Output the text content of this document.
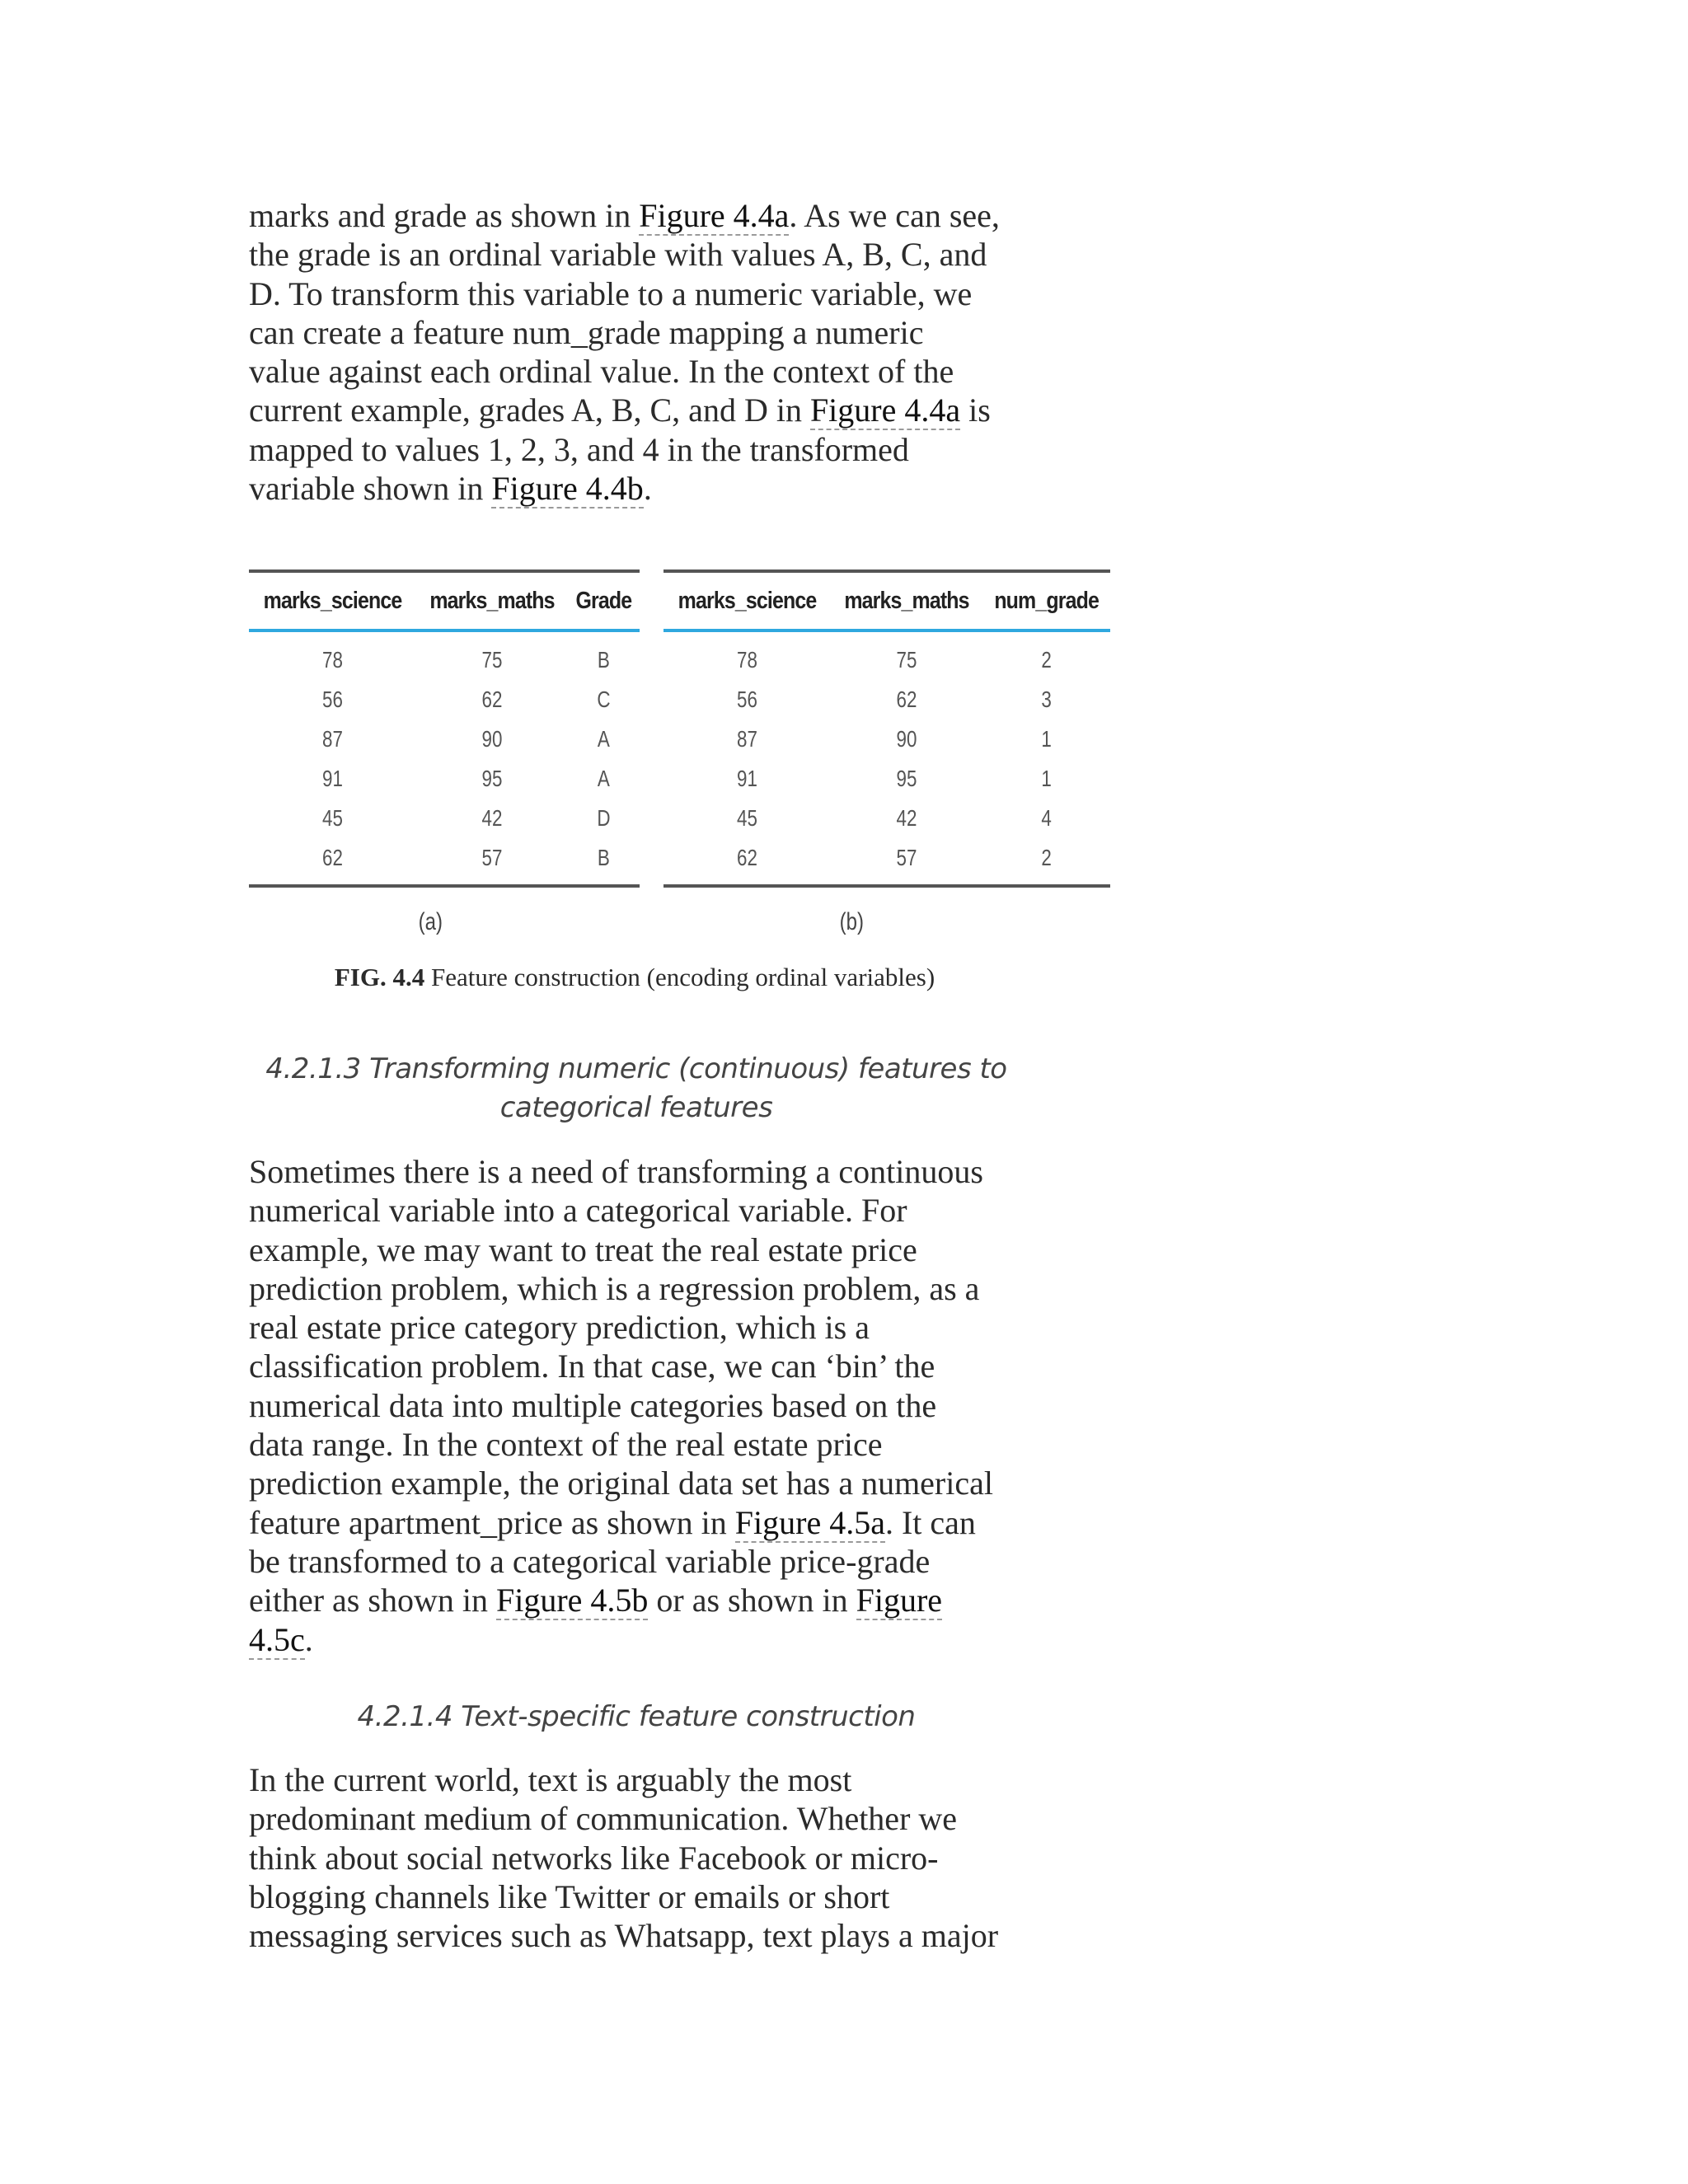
marks and grade as shown in Figure 4.4a. As we can see,
the grade is an ordinal variable with values A, B, C, and
D. To transform this variable to a numeric variable, we
can create a feature num_grade mapping a numeric
value against each ordinal value. In the context of the
current example, grades A, B, C, and D in Figure 4.4a is
mapped to values 1, 2, 3, and 4 in the transformed
variable shown in Figure 4.4b.

marks_science	marks_maths	Grade
78	75	B
56	62	C
87	90	A
91	95	A
45	42	D
62	57	B
marks_science	marks_maths	num_grade
78	75	2
56	62	3
87	90	1
91	95	1
45	42	4
62	57	2
(a)	(b)
FIG. 4.4 Feature construction (encoding ordinal variables)
4.2.1.3 Transforming numeric (continuous) features to
categorical features

Sometimes there is a need of transforming a continuous
numerical variable into a categorical variable. For
example, we may want to treat the real estate price
prediction problem, which is a regression problem, as a
real estate price category prediction, which is a
classification problem. In that case, we can ‘bin’ the
numerical data into multiple categories based on the
data range. In the context of the real estate price
prediction example, the original data set has a numerical
feature apartment_price as shown in Figure 4.5a. It can
be transformed to a categorical variable price-grade
either as shown in Figure 4.5b or as shown in Figure
4.5c.

4.2.1.4 Text-specific feature construction

In the current world, text is arguably the most
predominant medium of communication. Whether we
think about social networks like Facebook or micro-
blogging channels like Twitter or emails or short
messaging services such as Whatsapp, text plays a major
